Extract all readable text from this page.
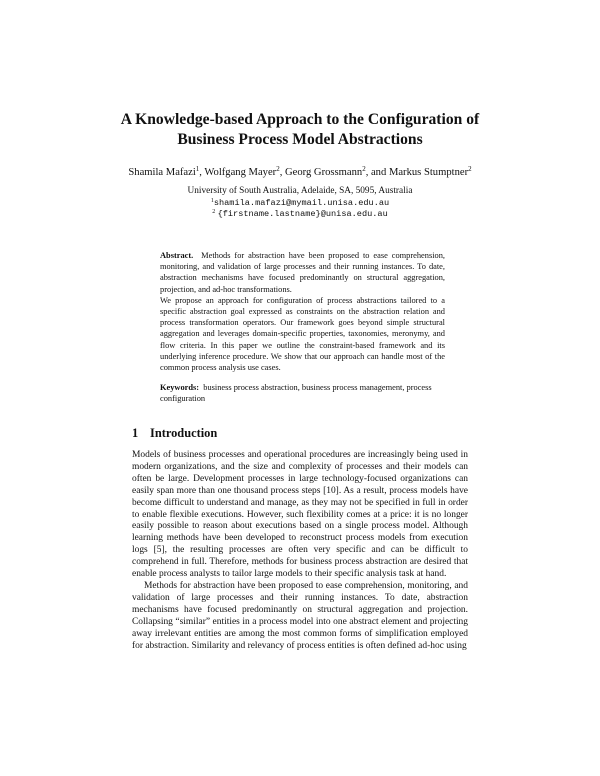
A Knowledge-based Approach to the Configuration of
Business Process Model Abstractions
Shamila Mafazi$^1$, Wolfgang Mayer$^2$, Georg Grossmann$^2$, and Markus Stumptner$^2$
University of South Australia, Adelaide, SA, 5095, Australia
$^1$shamila.mafazi@mymail.unisa.edu.au
$^2$ {firstname.lastname}@unisa.edu.au

Abstract. Methods for abstraction have been proposed to ease comprehension, monitoring, and validation of large processes and their running instances. To date, abstraction mechanisms have focused predominantly on structural aggregation, projection, and ad-hoc transformations.

We propose an approach for configuration of process abstractions tailored to a specific abstraction goal expressed as constraints on the abstraction relation and process transformation operators. Our framework goes beyond simple structural aggregation and leverages domain-specific properties, taxonomies, meronymy, and flow criteria. In this paper we outline the constraint-based framework and its underlying inference procedure. We show that our approach can handle most of the common process analysis use cases.

Keywords: business process abstraction, business process management, process configuration
1 Introduction

Models of business processes and operational procedures are increasingly being used in modern organizations, and the size and complexity of processes and their models can often be large. Development processes in large technology-focused organizations can easily span more than one thousand process steps [10]. As a result, process models have become difficult to understand and manage, as they may not be specified in full in order to enable flexible executions. However, such flexibility comes at a price: it is no longer easily possible to reason about executions based on a single process model. Although learning methods have been developed to reconstruct process models from execution logs [5], the resulting processes are often very specific and can be difficult to comprehend in full. Therefore, methods for business process abstraction are desired that enable process analysts to tailor large models to their specific analysis task at hand.

Methods for abstraction have been proposed to ease comprehension, monitoring, and validation of large processes and their running instances. To date, abstraction mechanisms have focused predominantly on structural aggregation and projection. Collapsing “similar” entities in a process model into one abstract element and projecting away irrelevant entities are among the most common forms of simplification employed for abstraction. Similarity and relevancy of process entities is often defined ad-hoc using
